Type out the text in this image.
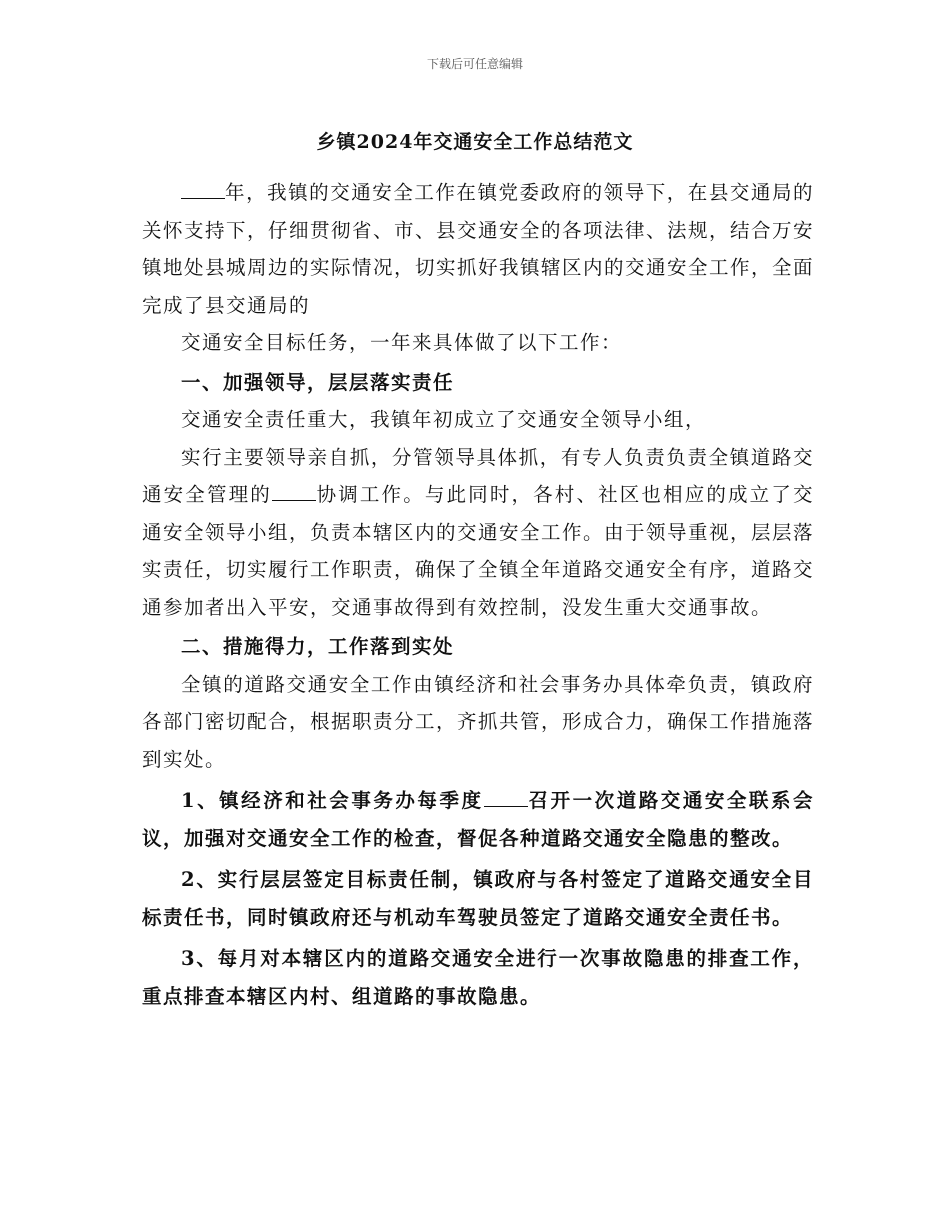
下载后可任意编辑
乡镇2024年交通安全工作总结范文

年，我镇的交通安全工作在镇党委政府的领导下，在县交通局的关怀支持下，仔细贯彻省、市、县交通安全的各项法律、法规，结合万安镇地处县城周边的实际情况，切实抓好我镇辖区内的交通安全工作，全面完成了县交通局的

交通安全目标任务，一年来具体做了以下工作：

一、加强领导，层层落实责任

交通安全责任重大，我镇年初成立了交通安全领导小组，

实行主要领导亲自抓，分管领导具体抓，有专人负责负责全镇道路交通安全管理的 协调工作。与此同时，各村、社区也相应的成立了交通安全领导小组，负责本辖区内的交通安全工作。由于领导重视，层层落实责任，切实履行工作职责，确保了全镇全年道路交通安全有序，道路交通参加者出入平安，交通事故得到有效控制，没发生重大交通事故。

二、措施得力，工作落到实处

全镇的道路交通安全工作由镇经济和社会事务办具体牵负责，镇政府各部门密切配合，根据职责分工，齐抓共管，形成合力，确保工作措施落到实处。

1、镇经济和社会事务办每季度 召开一次道路交通安全联系会议，加强对交通安全工作的检查，督促各种道路交通安全隐患的整改。

2、实行层层签定目标责任制，镇政府与各村签定了道路交通安全目标责任书，同时镇政府还与机动车驾驶员签定了道路交通安全责任书。

3、每月对本辖区内的道路交通安全进行一次事故隐患的排查工作，重点排查本辖区内村、组道路的事故隐患。
